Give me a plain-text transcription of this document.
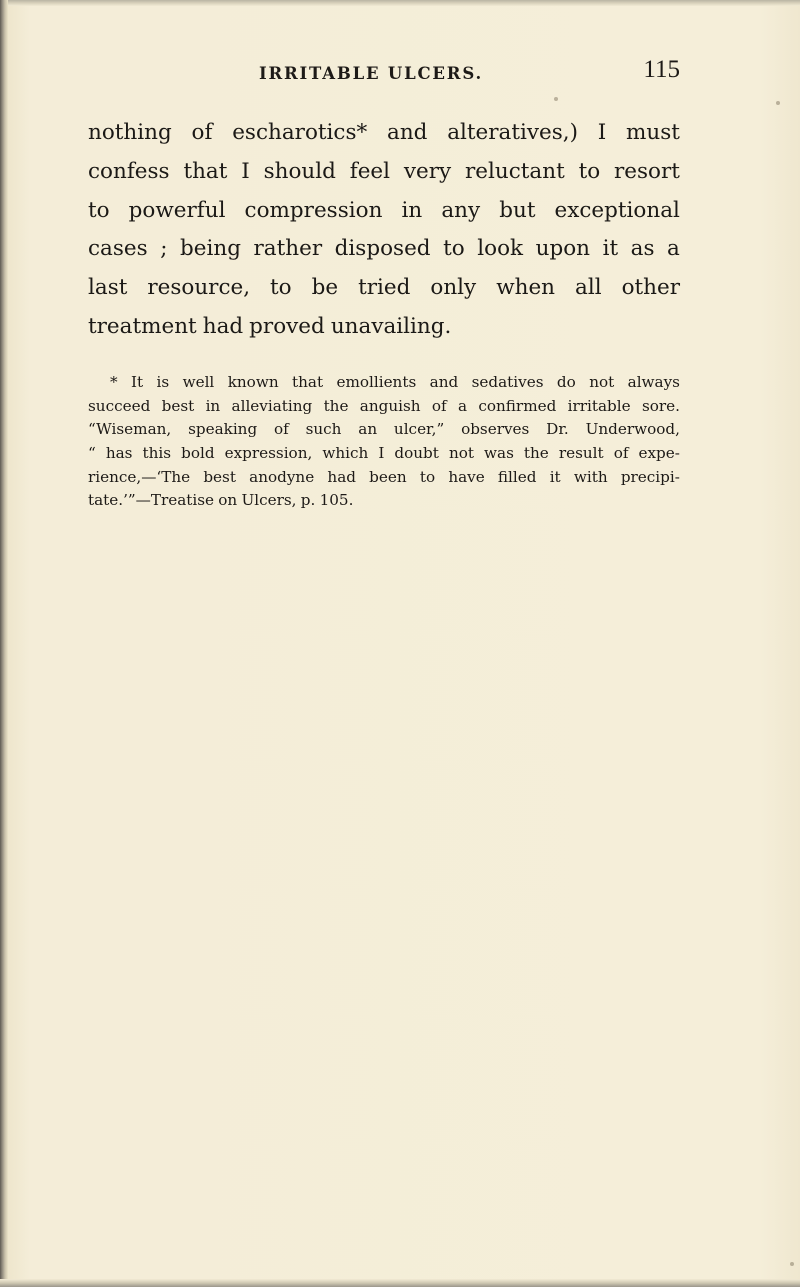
IRRITABLE ULCERS.	115
nothing of escharotics* and alteratives,) I must
confess that I should feel very reluctant to resort
to powerful compression in any but exceptional
cases ; being rather disposed to look upon it as a
last resource, to be tried only when all other
treatment had proved unavailing.
* It is well known that emollients and sedatives do not always
succeed best in alleviating the anguish of a confirmed irritable sore.
“Wiseman, speaking of such an ulcer,” observes Dr. Underwood,
“ has this bold expression, which I doubt not was the result of expe-
rience,—‘The best anodyne had been to have filled it with precipi-
tate.’”—Treatise on Ulcers, p. 105.
